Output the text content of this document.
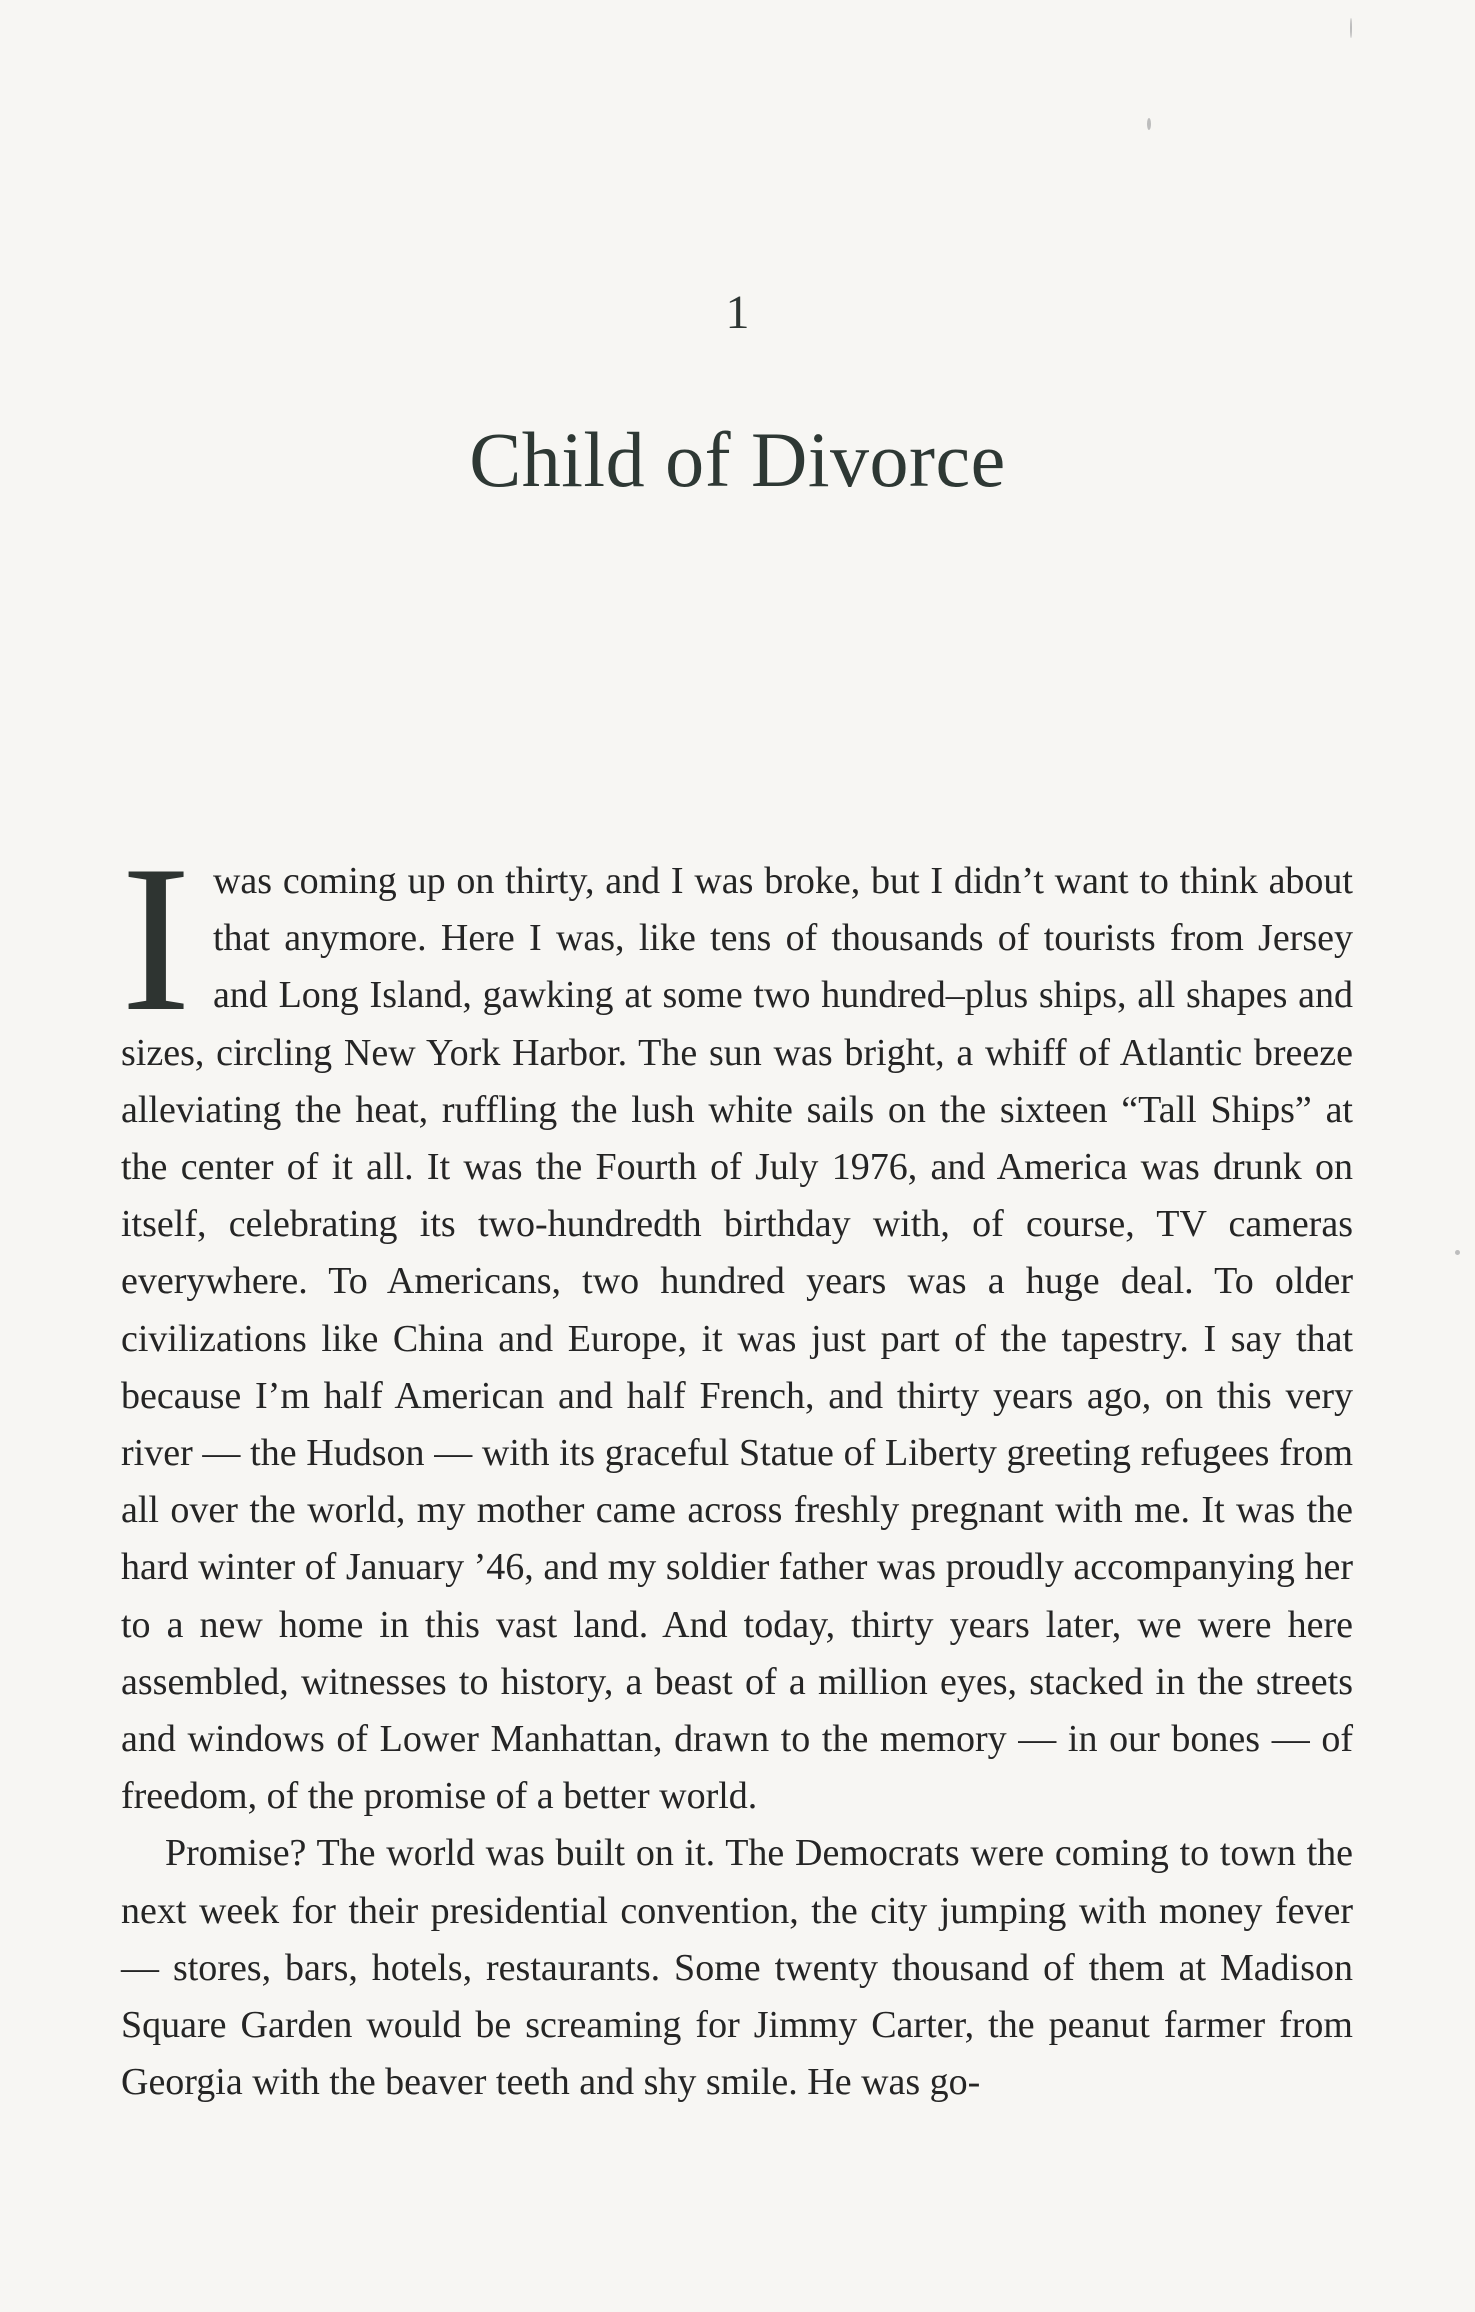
1
Child of Divorce

Iwas coming up on thirty, and I was broke, but I didn’t want to think about that anymore. Here I was, like tens of thousands of tourists from Jersey and Long Island, gawking at some two hundred–plus ships, all shapes and sizes, circling New York Harbor. The sun was bright, a whiff of Atlantic breeze alleviating the heat, ruffling the lush white sails on the sixteen “Tall Ships” at the center of it all. It was the Fourth of July 1976, and America was drunk on itself, celebrating its two-hundredth birthday with, of course, TV cameras everywhere. To Americans, two hundred years was a huge deal. To older civilizations like China and Europe, it was just part of the tapestry. I say that because I’m half American and half French, and thirty years ago, on this very river — the Hudson — with its graceful Statue of Liberty greeting refugees from all over the world, my mother came across freshly pregnant with me. It was the hard winter of January ’46, and my soldier father was proudly accompanying her to a new home in this vast land. And today, thirty years later, we were here assembled, witnesses to history, a beast of a million eyes, stacked in the streets and windows of Lower Manhattan, drawn to the memory — in our bones — of freedom, of the promise of a better world.

Promise? The world was built on it. The Democrats were coming to town the next week for their presidential convention, the city jumping with money fever — stores, bars, hotels, restaurants. Some twenty thousand of them at Madison Square Garden would be screaming for Jimmy Carter, the peanut farmer from Georgia with the beaver teeth and shy smile. He was go-
